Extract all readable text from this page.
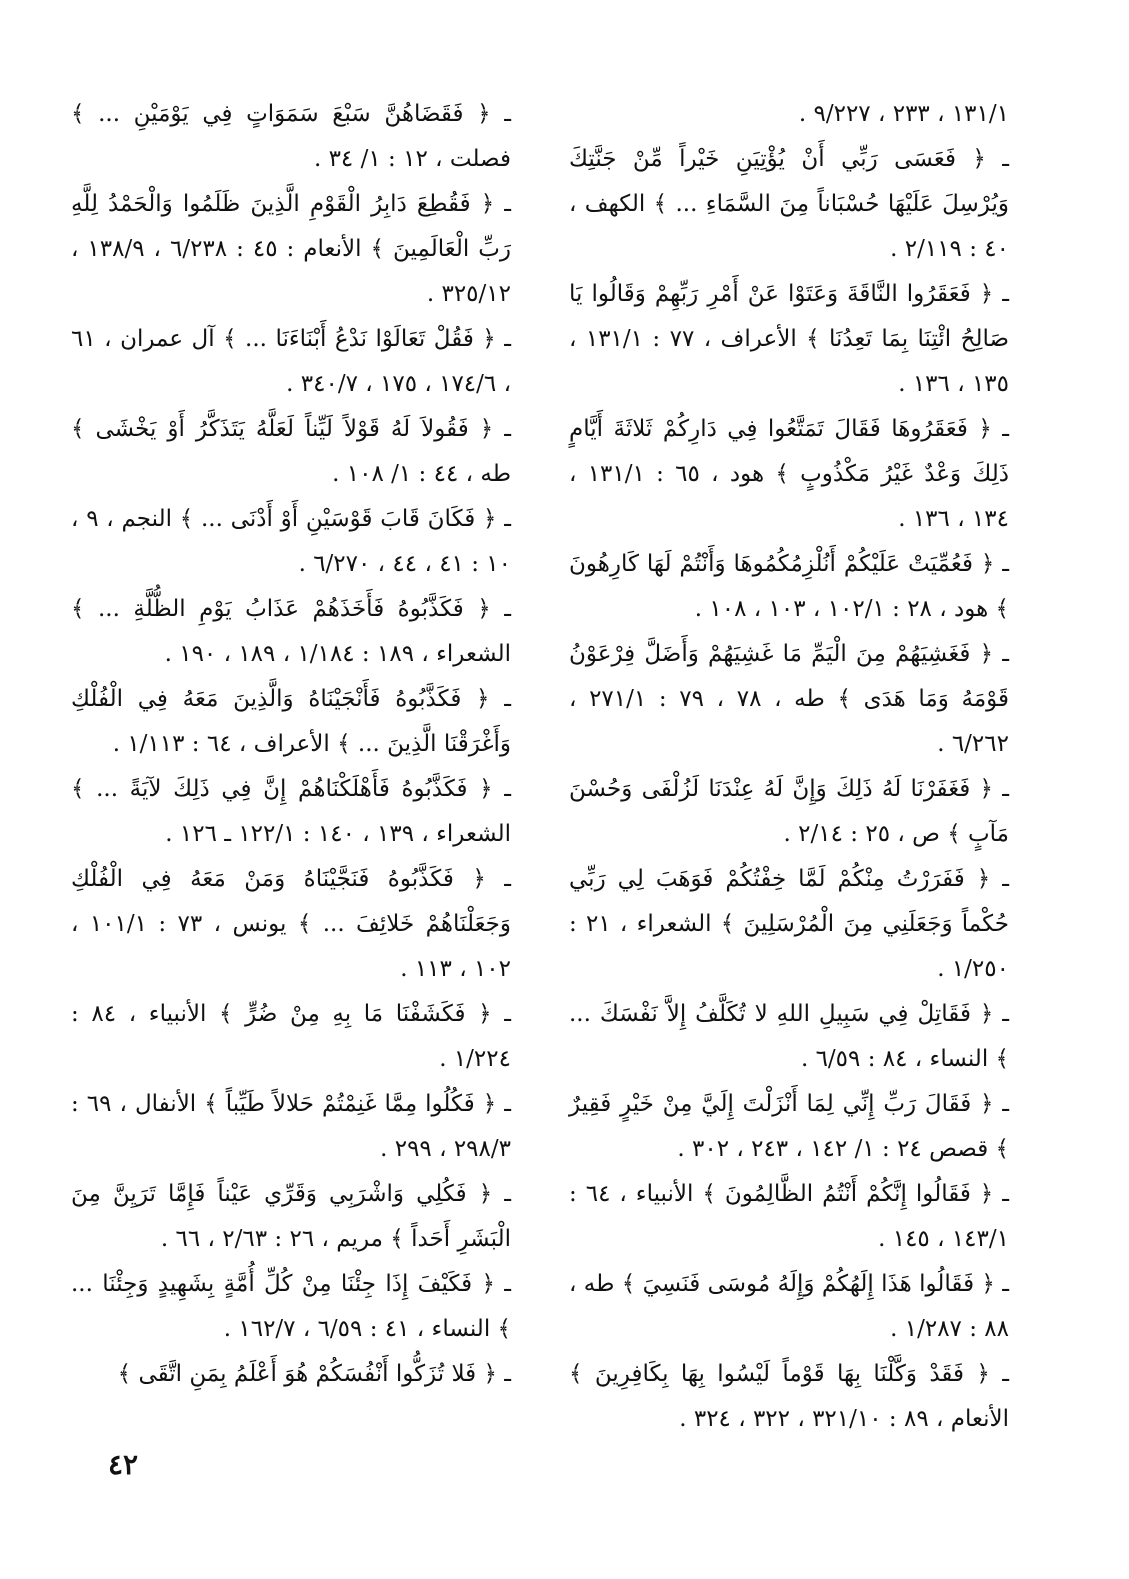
١٣١/١ ، ٢٣٣ ، ٩/٢٢٧ .

ـ ﴿ فَعَسَى رَبِّي أَنْ يُؤْتِيَنِ خَيْراً مِّنْ جَنَّتِكَ وَيُرْسِلَ عَلَيْهَا حُسْبَاناً مِنَ السَّمَاءِ ... ﴾ الكهف ، ٤٠ : ٢/١١٩ .

ـ ﴿ فَعَقَرُوا النَّاقَةَ وَعَتَوْا عَنْ أَمْرِ رَبِّهِمْ وَقَالُوا يَا صَالِحُ ائْتِنَا بِمَا تَعِدُنَا ﴾ الأعراف ، ٧٧ : ١٣١/١ ، ١٣٥ ، ١٣٦ .

ـ ﴿ فَعَقَرُوهَا فَقَالَ تَمَتَّعُوا فِي دَارِكُمْ ثَلاثَةَ أَيَّامٍ ذَلِكَ وَعْدٌ غَيْرُ مَكْذُوبٍ ﴾ هود ، ٦٥ : ١٣١/١ ، ١٣٤ ، ١٣٦ .

ـ ﴿ فَعُمِّيَتْ عَلَيْكُمْ أَنُلْزِمُكُمُوهَا وَأَنْتُمْ لَهَا كَارِهُونَ ﴾ هود ، ٢٨ : ١٠٢/١ ، ١٠٣ ، ١٠٨ .

ـ ﴿ فَغَشِيَهُمْ مِنَ الْيَمِّ مَا غَشِيَهُمْ وَأَضَلَّ فِرْعَوْنُ قَوْمَهُ وَمَا هَدَى ﴾ طه ، ٧٨ ، ٧٩ : ٢٧١/١ ، ٦/٢٦٢ .

ـ ﴿ فَغَفَرْنَا لَهُ ذَلِكَ وَإِنَّ لَهُ عِنْدَنَا لَزُلْفَى وَحُسْنَ مَآبٍ ﴾ ص ، ٢٥ : ٢/١٤ .

ـ ﴿ فَفَرَرْتُ مِنْكُمْ لَمَّا خِفْتُكُمْ فَوَهَبَ لِي رَبِّي حُكْماً وَجَعَلَنِي مِنَ الْمُرْسَلِينَ ﴾ الشعراء ، ٢١ : ١/٢٥٠ .

ـ ﴿ فَقَاتِلْ فِي سَبِيلِ اللهِ لا تُكَلَّفُ إِلاَّ نَفْسَكَ ... ﴾ النساء ، ٨٤ : ٦/٥٩ .

ـ ﴿ فَقَالَ رَبِّ إِنِّي لِمَا أَنْزَلْتَ إِلَيَّ مِنْ خَيْرٍ فَقِيرٌ ﴾ قصص ٢٤ : ١/ ١٤٢ ، ٢٤٣ ، ٣٠٢ .

ـ ﴿ فَقَالُوا إِنَّكُمْ أَنْتُمُ الظَّالِمُونَ ﴾ الأنبياء ، ٦٤ : ١٤٣/١ ، ١٤٥ .

ـ ﴿ فَقَالُوا هَذَا إِلَهُكُمْ وَإِلَهُ مُوسَى فَنَسِيَ ﴾ طه ، ٨٨ : ١/٢٨٧ .

ـ ﴿ فَقَدْ وَكَّلْنَا بِهَا قَوْماً لَيْسُوا بِهَا بِكَافِرِينَ ﴾ الأنعام ، ٨٩ : ٣٢١/١٠ ، ٣٢٢ ، ٣٢٤ .

ـ ﴿ فَقَضَاهُنَّ سَبْعَ سَمَوَاتٍ فِي يَوْمَيْنِ ... ﴾ فصلت ، ١٢ : ١/ ٣٤ .

ـ ﴿ فَقُطِعَ دَابِرُ الْقَوْمِ الَّذِينَ ظَلَمُوا وَالْحَمْدُ لِلَّهِ رَبِّ الْعَالَمِينَ ﴾ الأنعام : ٤٥ : ٦/٢٣٨ ، ١٣٨/٩ ، ٣٢٥/١٢ .

ـ ﴿ فَقُلْ تَعَالَوْا نَدْعُ أَبْنَاءَنَا ... ﴾ آل عمران ، ٦١ ، ١٧٤/٦ ، ١٧٥ ، ٣٤٠/٧ .

ـ ﴿ فَقُولاَ لَهُ قَوْلاً لَيِّناً لَعَلَّهُ يَتَذَكَّرُ أَوْ يَخْشَى ﴾ طه ، ٤٤ : ١/ ١٠٨ .

ـ ﴿ فَكَانَ قَابَ قَوْسَيْنِ أَوْ أَدْنَى ... ﴾ النجم ، ٩ ، ١٠ : ٤١ ، ٤٤ ، ٦/٢٧٠ .

ـ ﴿ فَكَذَّبُوهُ فَأَخَذَهُمْ عَذَابُ يَوْمِ الظُّلَّةِ ... ﴾ الشعراء ، ١٨٩ : ١/١٨٤ ، ١٨٩ ، ١٩٠ .

ـ ﴿ فَكَذَّبُوهُ فَأَنْجَيْنَاهُ وَالَّذِينَ مَعَهُ فِي الْفُلْكِ وَأَغْرَقْنَا الَّذِينَ ... ﴾ الأعراف ، ٦٤ : ١/١١٣ .

ـ ﴿ فَكَذَّبُوهُ فَأَهْلَكْنَاهُمْ إِنَّ فِي ذَلِكَ لآيَةً ... ﴾ الشعراء ، ١٣٩ ، ١٤٠ : ١٢٢/١ ـ ١٢٦ .

ـ ﴿ فَكَذَّبُوهُ فَنَجَّيْنَاهُ وَمَنْ مَعَهُ فِي الْفُلْكِ وَجَعَلْنَاهُمْ خَلائِفَ ... ﴾ يونس ، ٧٣ : ١٠١/١ ، ١٠٢ ، ١١٣ .

ـ ﴿ فَكَشَفْنَا مَا بِهِ مِنْ ضُرٍّ ﴾ الأنبياء ، ٨٤ : ١/٢٢٤ .

ـ ﴿ فَكُلُوا مِمَّا غَنِمْتُمْ حَلالاً طَيِّباً ﴾ الأنفال ، ٦٩ : ٢٩٨/٣ ، ٢٩٩ .

ـ ﴿ فَكُلِي وَاشْرَبِي وَقَرِّي عَيْناً فَإِمَّا تَرَيِنَّ مِنَ الْبَشَرِ أَحَداً ﴾ مريم ، ٢٦ : ٢/٦٣ ، ٦٦ .

ـ ﴿ فَكَيْفَ إِذَا جِئْنَا مِنْ كُلِّ أُمَّةٍ بِشَهِيدٍ وَجِئْنَا ... ﴾ النساء ، ٤١ : ٦/٥٩ ، ١٦٢/٧ .

ـ ﴿ فَلا تُزَكُّوا أَنْفُسَكُمْ هُوَ أَعْلَمُ بِمَنِ اتَّقَى ﴾

٤٢
